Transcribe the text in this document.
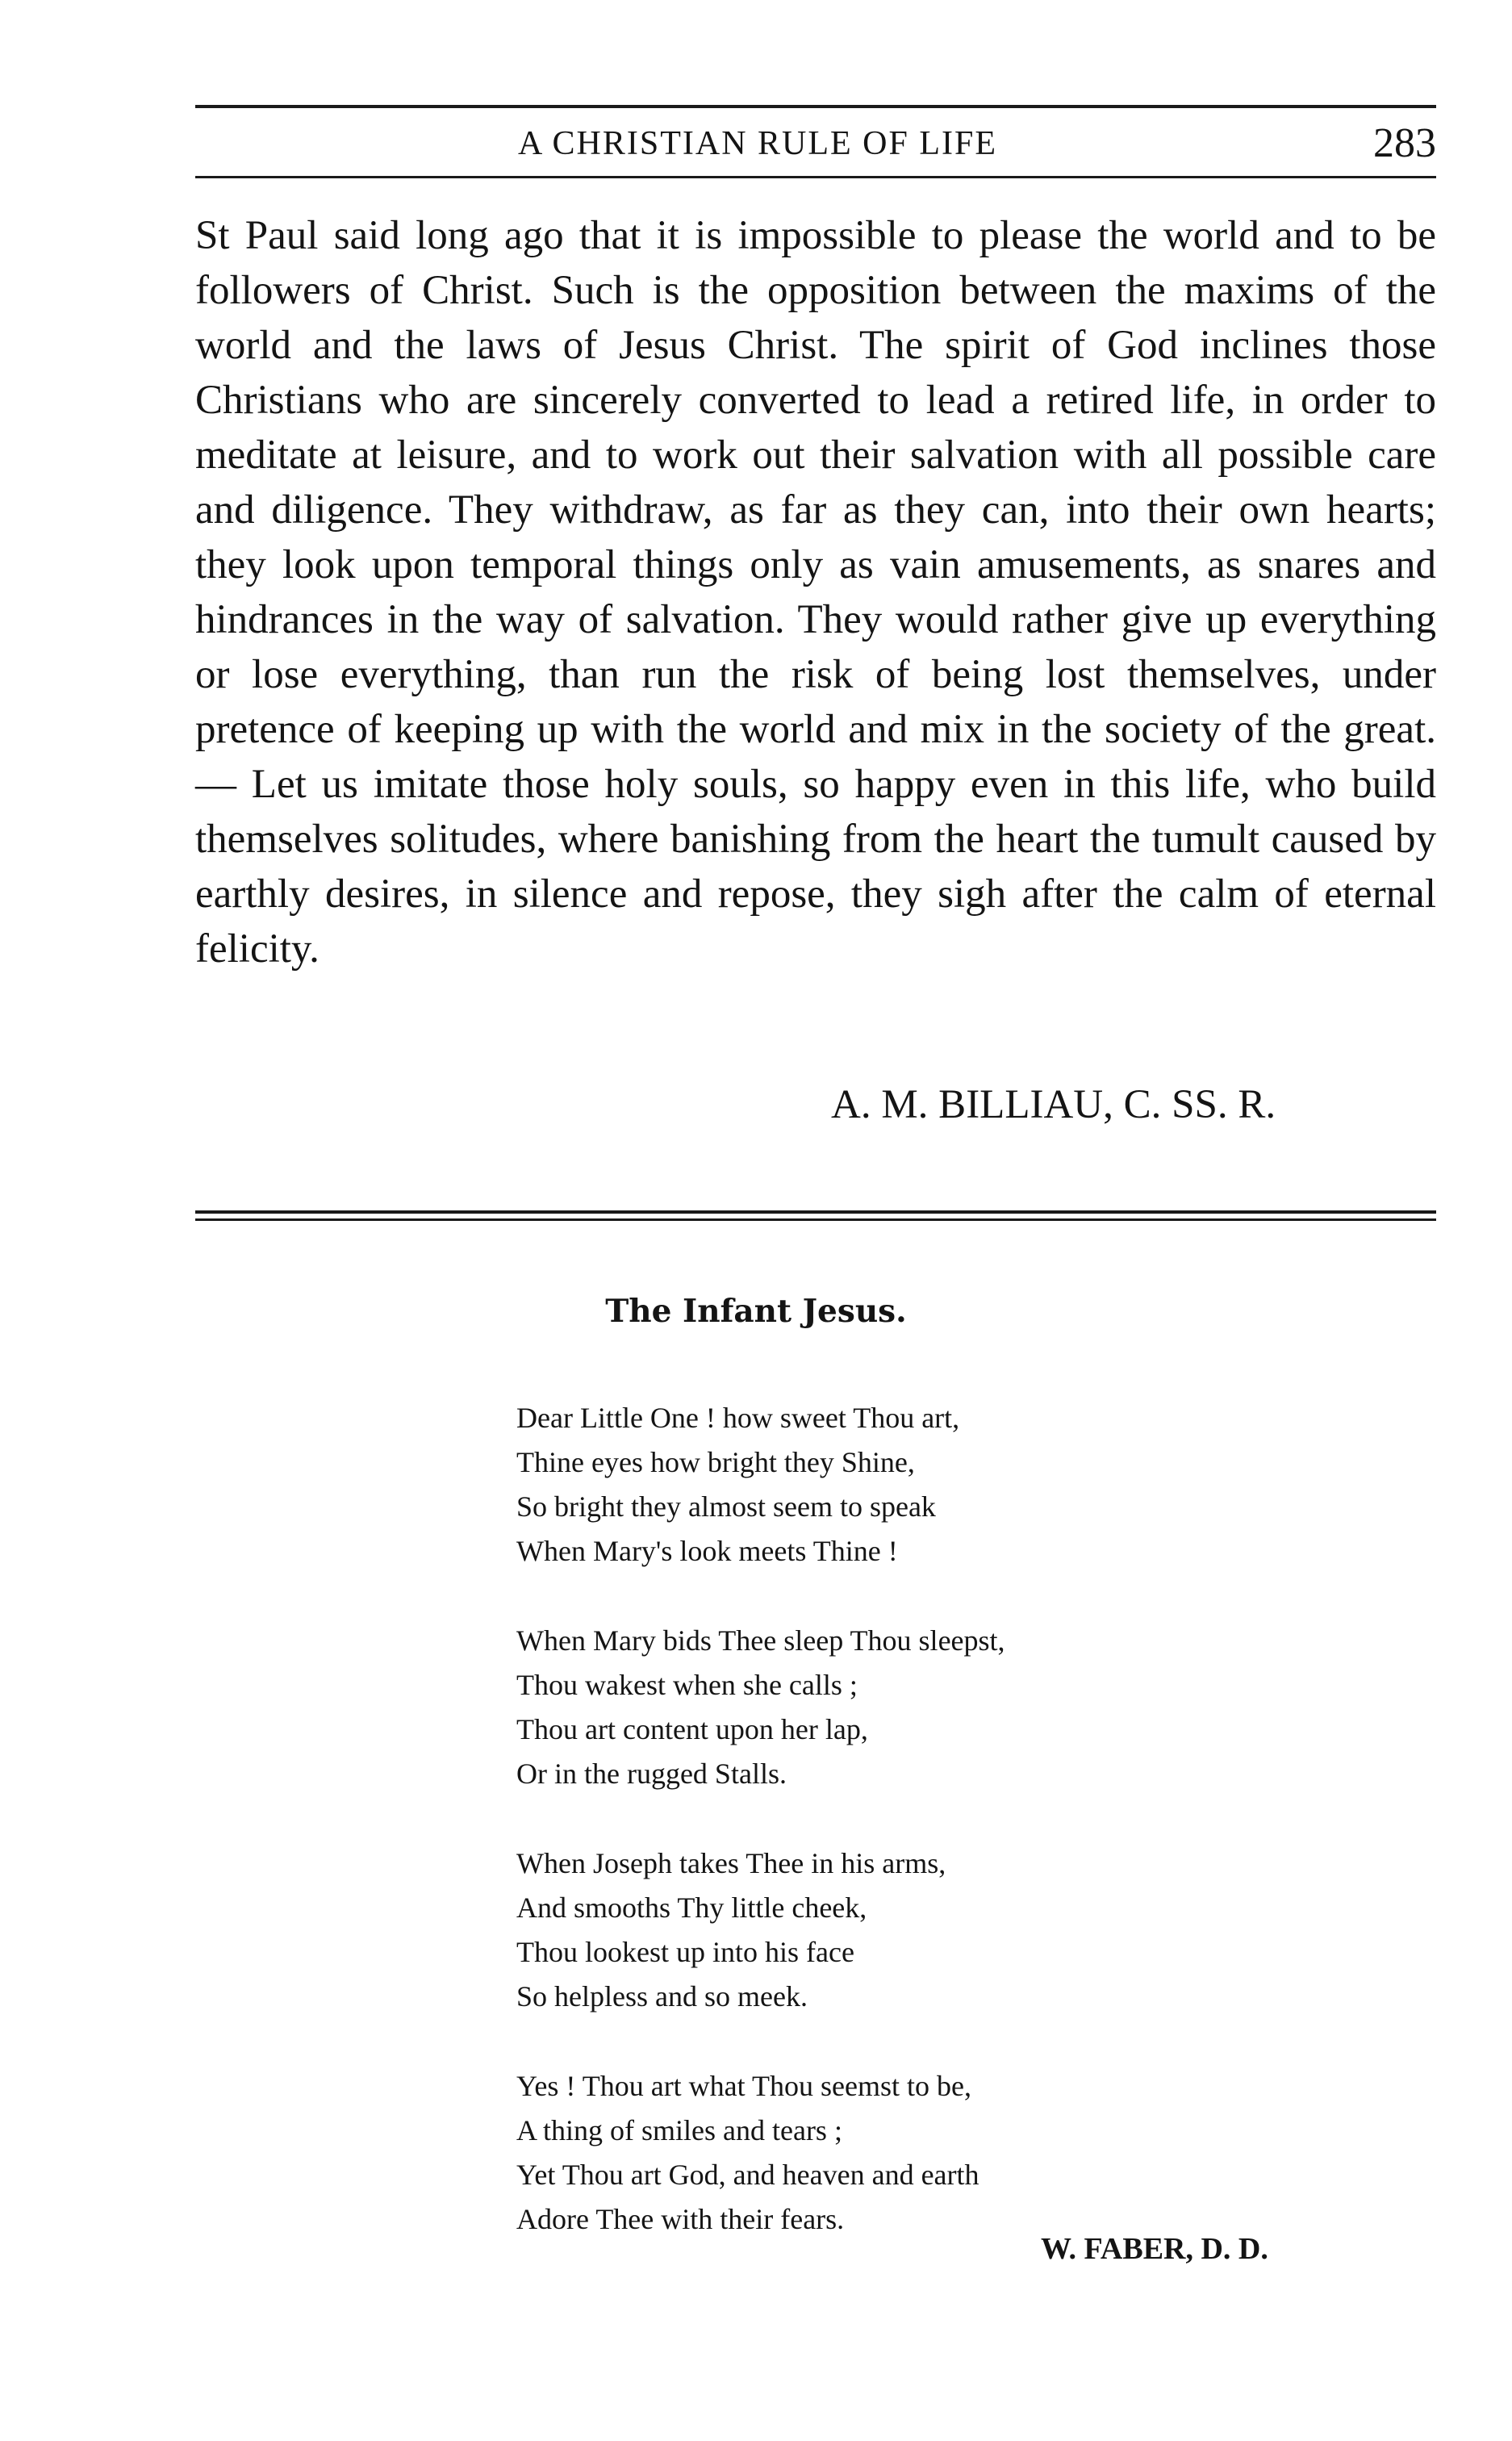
A CHRISTIAN RULE OF LIFE	283

St Paul said long ago that it is impossible to please the world and to be followers of Christ. Such is the opposition between the maxims of the world and the laws of Jesus Christ. The spirit of God inclines those Christians who are sincerely converted to lead a retired life, in order to meditate at leisure, and to work out their salvation with all possible care and diligence. They withdraw, as far as they can, into their own hearts; they look upon temporal things only as vain amusements, as snares and hindrances in the way of salvation. They would rather give up everything or lose everything, than run the risk of being lost themselves, under pretence of keeping up with the world and mix in the society of the great. — Let us imitate those holy souls, so happy even in this life, who build themselves solitudes, where banishing from the heart the tumult caused by earthly desires, in silence and repose, they sigh after the calm of eternal felicity.

A. M. BILLIAU, C. SS. R.
The Infant Jesus.
Dear Little One ! how sweet Thou art,
Thine eyes how bright they Shine,
So bright they almost seem to speak
When Mary's look meets Thine !
When Mary bids Thee sleep Thou sleepst,
Thou wakest when she calls ;
Thou art content upon her lap,
Or in the rugged Stalls.
When Joseph takes Thee in his arms,
And smooths Thy little cheek,
Thou lookest up into his face
So helpless and so meek.
Yes ! Thou art what Thou seemst to be,
A thing of smiles and tears ;
Yet Thou art God, and heaven and earth
Adore Thee with their fears.
W. FABER, D. D.
